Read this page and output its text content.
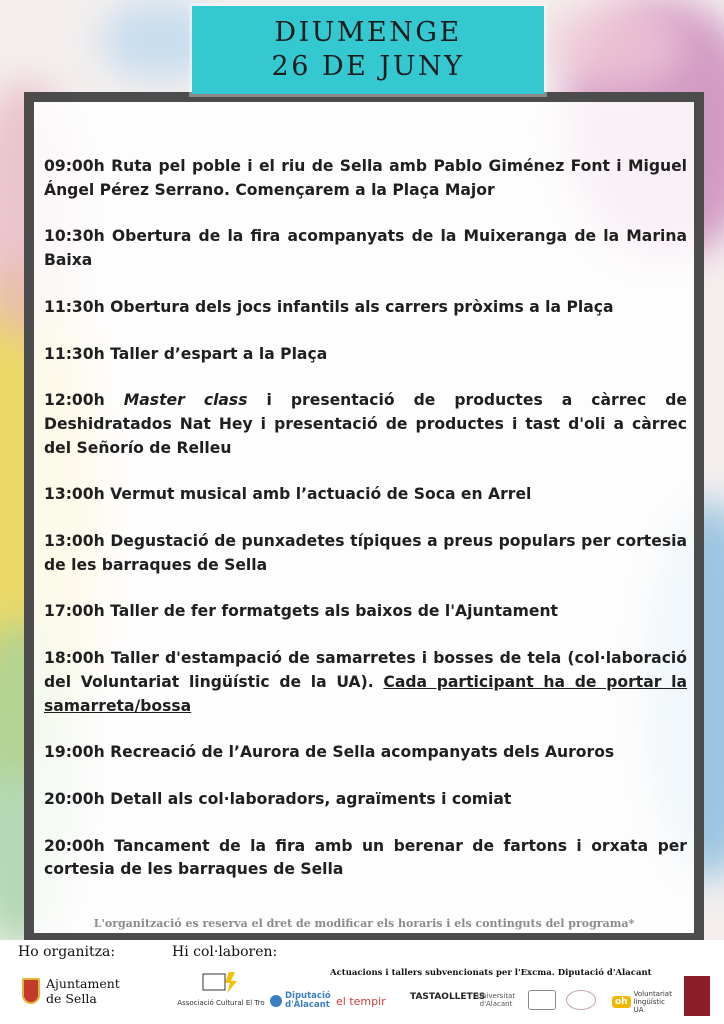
DIUMENGE
26 DE JUNY

09:00h Ruta pel poble i el riu de Sella amb Pablo Giménez Font i Miguel Ángel Pérez Serrano. Començarem a la Plaça Major

10:30h Obertura de la fira acompanyats de la Muixeranga de la Marina Baixa

11:30h Obertura dels jocs infantils als carrers pròxims a la Plaça

11:30h Taller d’espart a la Plaça

12:00h Master class i presentació de productes a càrrec de Deshidratados Nat Hey i presentació de productes i tast d'oli a càrrec del Señorío de Relleu

13:00h Vermut musical amb l’actuació de Soca en Arrel

13:00h Degustació de punxadetes típiques a preus populars per cortesia de les barraques de Sella

17:00h Taller de fer formatgets als baixos de l'Ajuntament

18:00h Taller d'estampació de samarretes i bosses de tela (col·laboració del Voluntariat lingüístic de la UA). Cada participant ha de portar la samarreta/bossa

19:00h Recreació de l’Aurora de Sella acompanyats dels Auroros

20:00h Detall als col·laboradors, agraïments i comiat

20:00h Tancament de la fira amb un berenar de fartons i orxata per cortesia de les barraques de Sella

L'organització es reserva el dret de modificar els horaris i els continguts del programa*
Ho organitza:
Ajuntament
de Sella
Hi col·laboren:
Actuacions i tallers subvencionats per l'Excma. Diputació d'Alacant
Associació Cultural El Tro
Diputació d'Alacant el tempir	TASTAOLLETES
Universitat d'Alacant	oh
Voluntariat lingüístic UA
